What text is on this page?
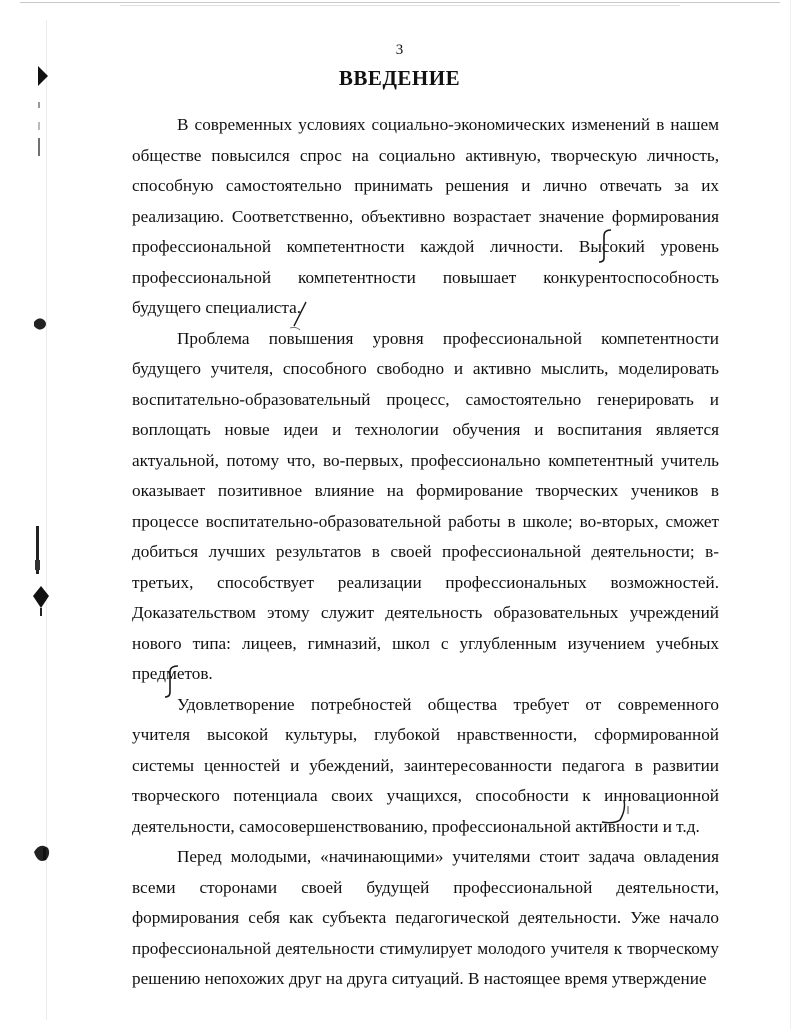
3
ВВЕДЕНИЕ

В современных условиях социально-экономических изменений в нашем обществе повысился спрос на социально активную, творческую личность, способную самостоятельно принимать решения и лично отвечать за их реализацию. Соответственно, объективно возрастает значение формирования профессиональной компетентности каждой личности. Высокий уровень профессиональной компетентности повышает конкурентоспособность будущего специалиста.

Проблема повышения уровня профессиональной компетентности будущего учителя, способного свободно и активно мыслить, моделировать воспитательно-образовательный процесс, самостоятельно генерировать и воплощать новые идеи и технологии обучения и воспитания является актуальной, потому что, во-первых, профессионально компетентный учитель оказывает позитивное влияние на формирование творческих учеников в процессе воспитательно-образовательной работы в школе; во-вторых, сможет добиться лучших результатов в своей профессиональной деятельности; в-третьих, способствует реализации профессиональных возможностей. Доказательством этому служит деятельность образовательных учреждений нового типа: лицеев, гимназий, школ с углубленным изучением учебных предметов.

Удовлетворение потребностей общества требует от современного учителя высокой культуры, глубокой нравственности, сформированной системы ценностей и убеждений, заинтересованности педагога в развитии творческого потенциала своих учащихся, способности к инновационной деятельности, самосовершенствованию, профессиональной активности и т.д.

Перед молодыми, «начинающими» учителями стоит задача овладения всеми сторонами своей будущей профессиональной деятельности, формирования себя как субъекта педагогической деятельности. Уже начало профессиональной деятельности стимулирует молодого учителя к творческому решению непохожих друг на друга ситуаций. В настоящее время утверждение
